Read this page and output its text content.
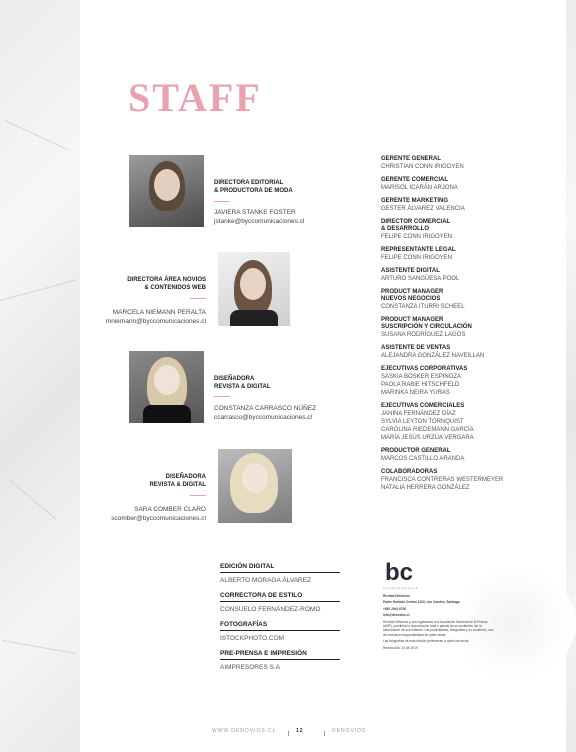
STAFF
DIRECTORA EDITORIAL
& PRODUCTORA DE MODA
JAVIERA STANKE FOSTER
jstanke@byccomunicaciones.cl
DIRECTORA ÁREA NOVIOS
& CONTENIDOS WEB
MARCELA NIEMANN PERALTA
mniemann@byccomunicaciones.cl
DISEÑADORA
REVISTA & DIGITAL
CONSTANZA CARRASCO NÚÑEZ
ccarrasco@byccomunicaciones.cl
DISEÑADORA
REVISTA & DIGITAL
SARA COMBER CLARO
scomber@byccomunicaciones.cl
GERENTE GENERAL
CHRISTIAN CONN IRIGOYEN
GERENTE COMERCIAL
MARISOL ICARÁN ARJONA
GERENTE MARKETING
GESTER ÁLVAREZ VALENCIA
DIRECTOR COMERCIAL
& DESARROLLO
FELIPE CONN IRIGOYEN
REPRESENTANTE LEGAL
FELIPE CONN IRIGOYEN
ASISTENTE DIGITAL
ARTURO SANGÜESA POOL
PRODUCT MANAGER
NUEVOS NEGOCIOS
CONSTANZA ITURRI SCHEEL
PRODUCT MANAGER
SUSCRIPCIÓN Y CIRCULACIÓN
SUSANA RODRÍGUEZ LAGOS
ASISTENTE DE VENTAS
ALEJANDRA GONZÁLEZ NAVEILLAN
EJECUTIVAS CORPORATIVAS
SASKIA BOSKER ESPINOZA
PAOLA RABIE HITSCHFELD
MARINKA NEIRA YURAS
EJECUTIVAS COMERCIALES
JANINA FERNÁNDEZ DÍAZ
SYLVIA LEYTON TORNQUIST
CAROLINA RIEDEMANN GARCÍA
MARÍA JESÚS URZÚA VERGARA
PRODUCTOR GENERAL
MARCOS CASTILLO ARANDA
COLABORADORAS
FRANCISCA CONTRERAS WESTERMEYER
NATALIA HERRERA GONZÁLEZ
EDICIÓN DIGITAL
ALBERTO MORAGA ÁLVAREZ
CORRECTORA DE ESTILO
CONSUELO FERNÁNDEZ-ROMO
FOTOGRAFÍAS
ISTOCKPHOTO.COM
PRE-PRENSA E IMPRESIÓN
AIMPRESORES S.A
bc
comunicaciones

Revista DeNovios

Padre Hurtado Central 1200, Las Condes, Santiago

+562 2944 6700

info@denovios.cl

Revista DeNovios y sus ingresados a la Asociación Nacional de la Prensa (ANP), prohibida la reproducción total o parcial de su contenido, sin la autorización de sus editores. Las publicidades, fotografías y su contenido, son de exclusiva responsabilidad de quien avisa.

Las fotografías de esta edición pertenecen a quien las envía.

Revista Año: 13 de 2019

WWW.DENOVIOS.CL	12	DENOVIOS
